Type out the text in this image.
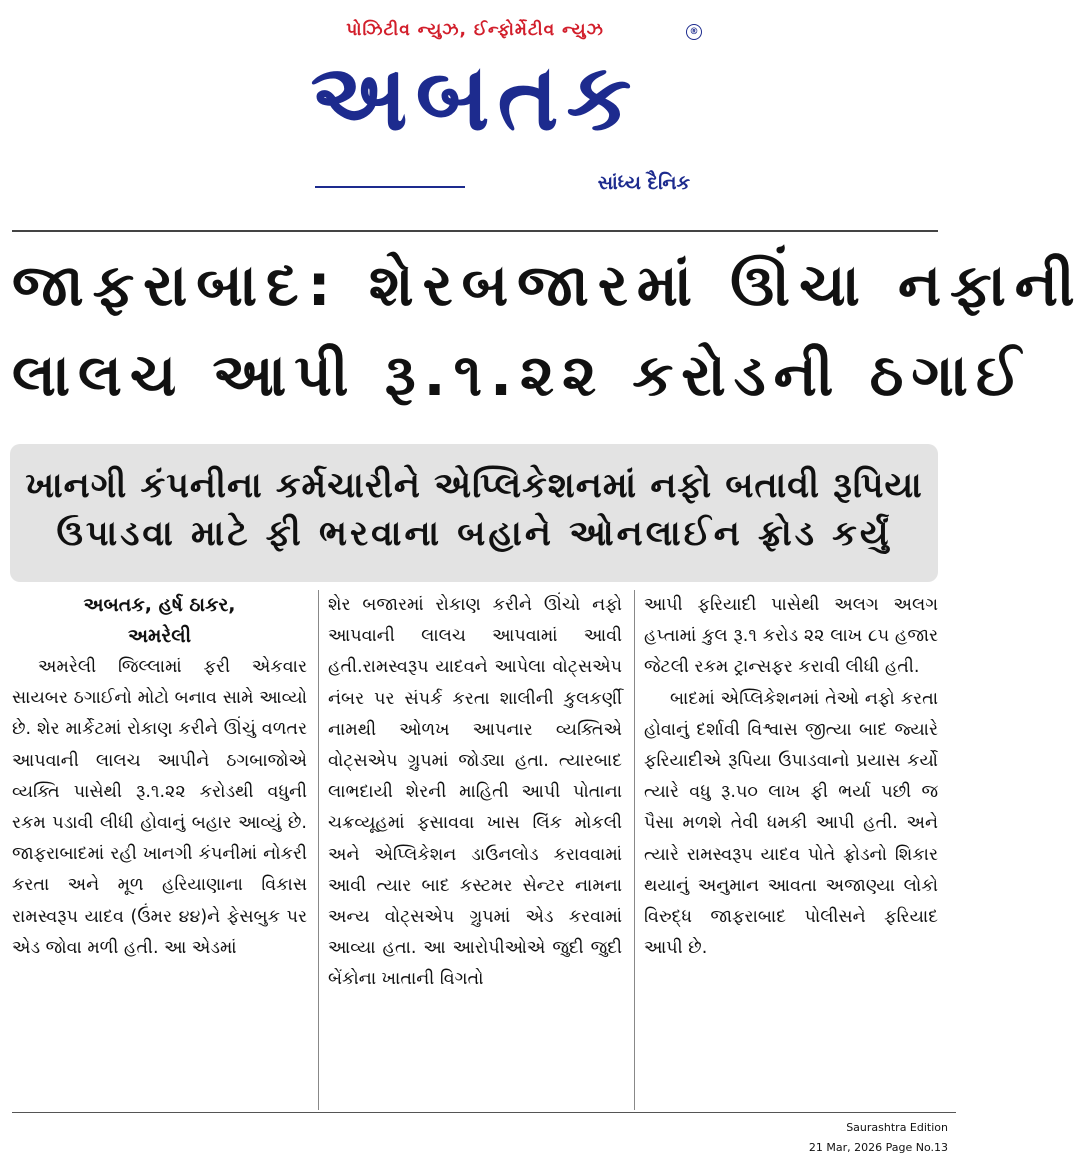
પોઝિટીવ ન્યુઝ, ઈન્ફોર્મેટીવ ન્યુઝ	®
અબતક
સાંધ્ય દૈનિક
જાફરાબાદ: શેરબજારમાં ઊંચા નફાની
લાલચ આપી રૂ.૧.૨૨ કરોડની ઠગાઈ
ખાનગી કંપનીના કર્મચારીને એપ્લિકેશનમાં નફો બતાવી રૂપિયા
ઉપાડવા માટે ફી ભરવાના બહાને ઓનલાઈન ફ્રોડ કર્યું
અબતક, હર્ષ ઠાકર,
અમરેલી

અમરેલી જિલ્લામાં ફરી એકવાર સાયબર ઠગાઈનો મોટો બનાવ સામે આવ્યો છે. શેર માર્કેટમાં રોકાણ કરીને ઊંચું વળતર આપવાની લાલચ આપીને ઠગબાજોએ વ્યક્તિ પાસેથી રૂ.૧.૨૨ કરોડથી વધુની રકમ પડાવી લીધી હોવાનું બહાર આવ્યું છે. જાફરાબાદમાં રહી ખાનગી કંપનીમાં નોકરી કરતા અને મૂળ હરિયાણાના વિકાસ રામસ્વરૂપ યાદવ (ઉંમર ૪૪)ને ફેસબુક પર એડ જોવા મળી હતી. આ એડમાં

શેર બજારમાં રોકાણ કરીને ઊંચો નફો આપવાની લાલચ આપવામાં આવી હતી.રામસ્વરૂપ યાદવને આપેલા વોટ્સએપ નંબર પર સંપર્ક કરતા શાલીની કુલકર્ણી નામથી ઓળખ આપનાર વ્યક્તિએ વોટ્સએપ ગ્રુપમાં જોડ્યા હતા. ત્યારબાદ લાભદાયી શેરની માહિતી આપી પોતાના ચક્રવ્યૂહમાં ફસાવવા ખાસ લિંક મોકલી અને એપ્લિકેશન ડાઉનલોડ કરાવવામાં આવી ત્યાર બાદ કસ્ટમર સેન્ટર નામના અન્ય વોટ્સએપ ગ્રુપમાં એડ કરવામાં આવ્યા હતા. આ આરોપીઓએ જુદી જુદી બેંકોના ખાતાની વિગતો

આપી ફરિયાદી પાસેથી અલગ અલગ હપ્તામાં કુલ રૂ.૧ કરોડ ૨૨ લાખ ૮૫ હજાર જેટલી રકમ ટ્રાન્સફર કરાવી લીધી હતી.

બાદમાં એપ્લિકેશનમાં તેઓ નફો કરતા હોવાનું દર્શાવી વિશ્વાસ જીત્યા બાદ જ્યારે ફરિયાદીએ રૂપિયા ઉપાડવાનો પ્રયાસ કર્યો ત્યારે વધુ રૂ.૫૦ લાખ ફી ભર્યા પછી જ પૈસા મળશે તેવી ધમકી આપી હતી. અને ત્યારે રામસ્વરૂપ યાદવ પોતે ફ્રોડનો શિકાર થયાનું અનુમાન આવતા અજાણ્યા લોકો વિરુદ્ધ જાફરાબાદ પોલીસને ફરિયાદ આપી છે.

Saurashtra Edition
21 Mar, 2026 Page No.13
